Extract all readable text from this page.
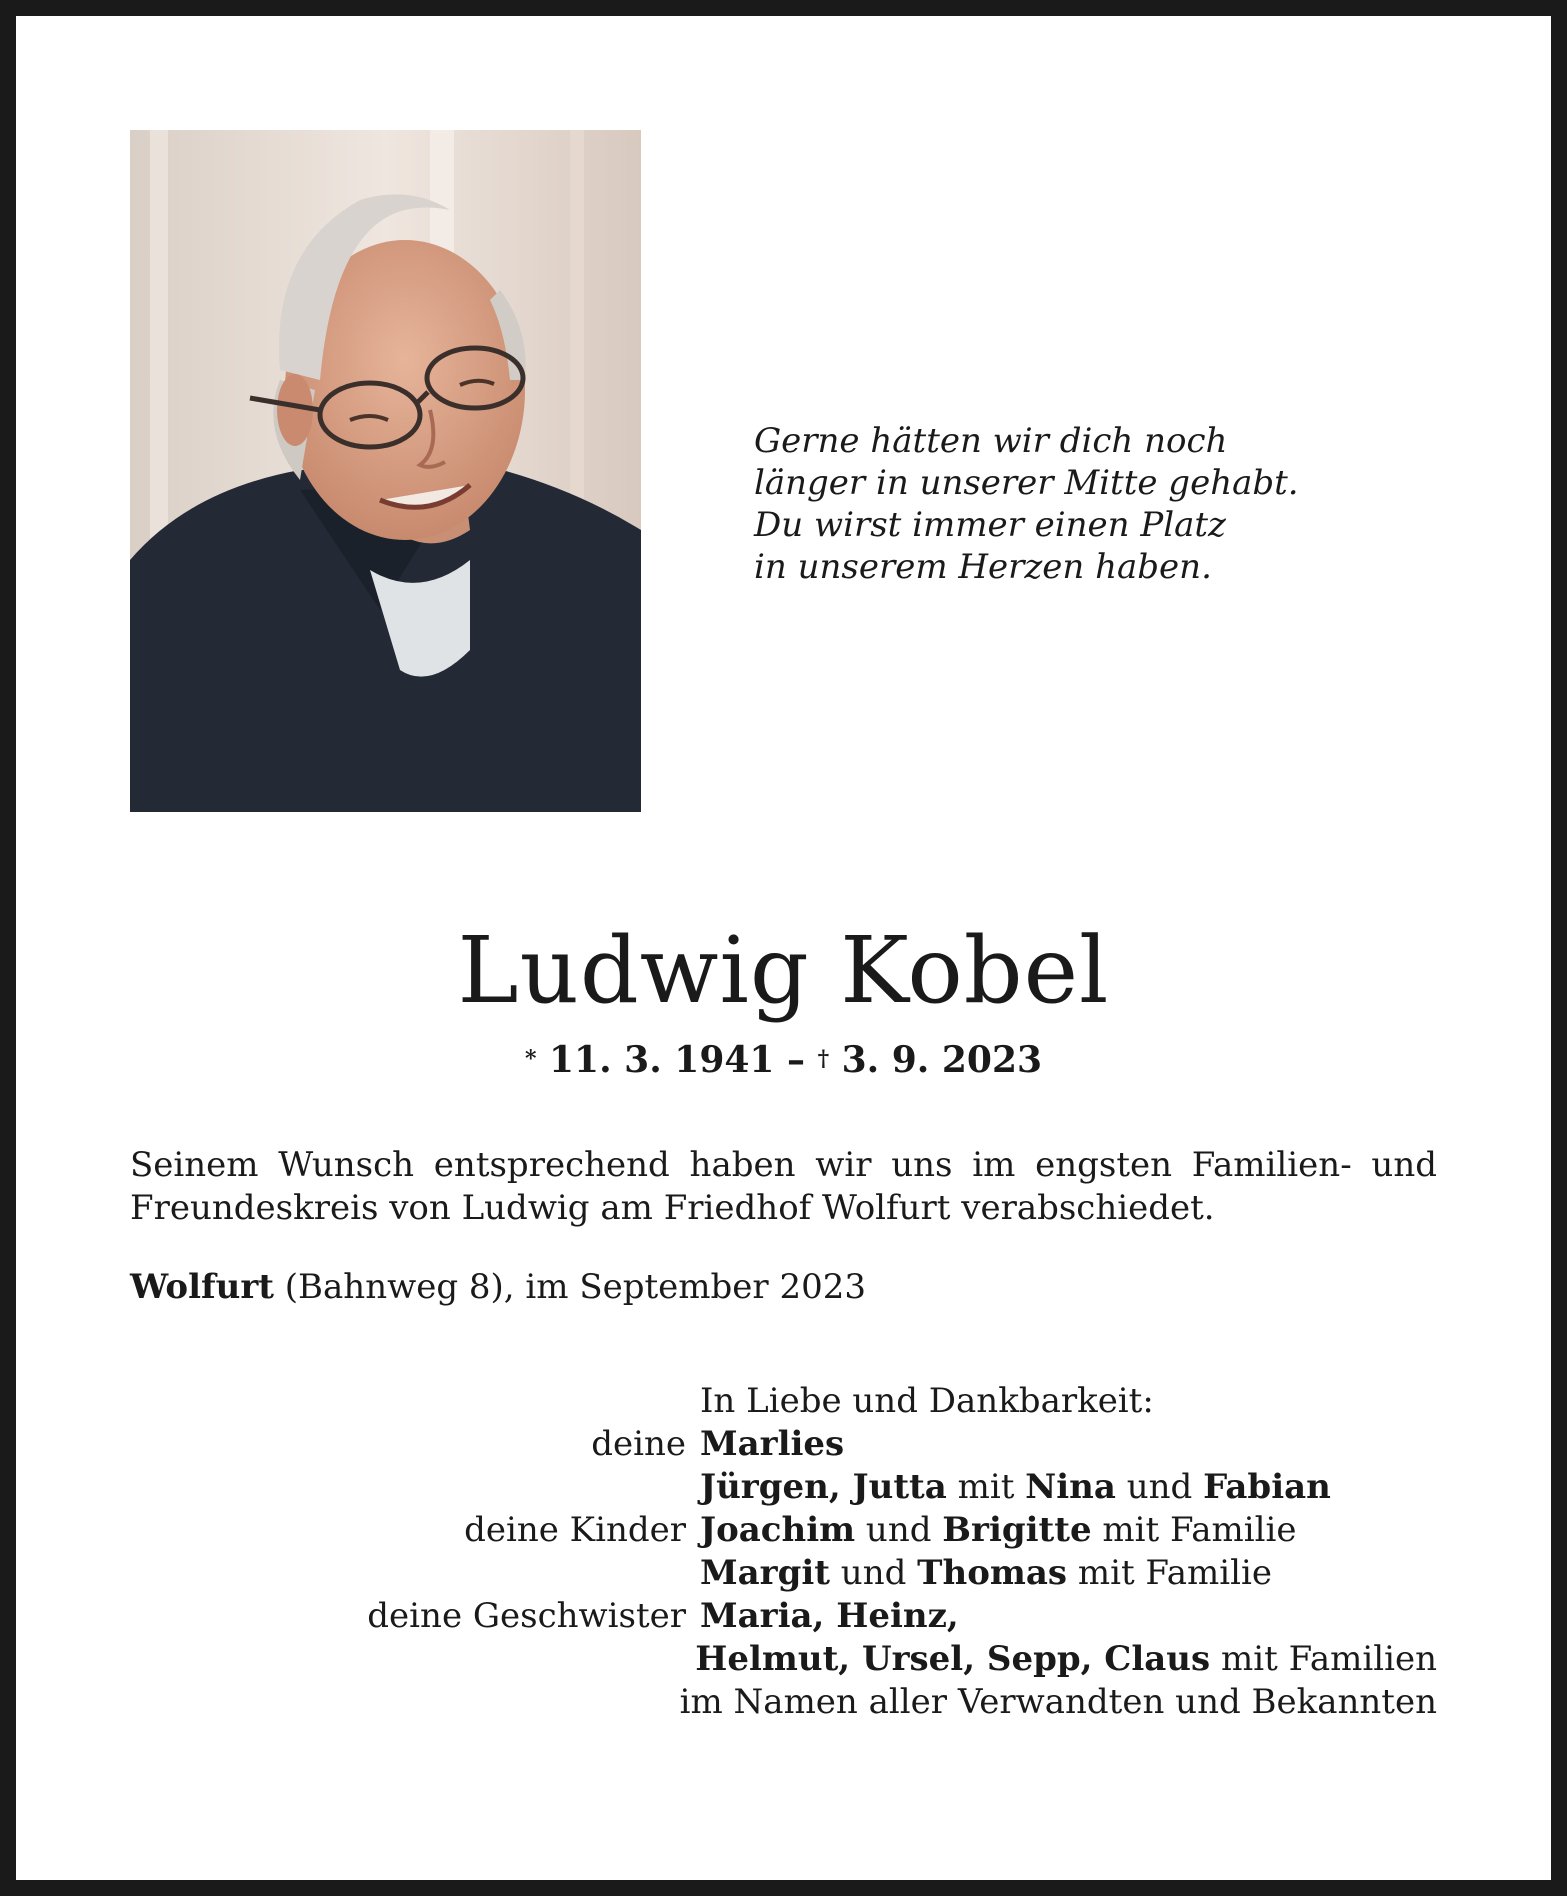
Gerne hätten wir dich noch
länger in unserer Mitte gehabt.
Du wirst immer einen Platz
in unserem Herzen haben.
Ludwig Kobel
* 11. 3. 1941 – † 3. 9. 2023
Seinem Wunsch entsprechend haben wir uns im engsten Familien- und
Freundeskreis von Ludwig am Friedhof Wolfurt verabschiedet.
Wolfurt (Bahnweg 8), im September 2023
In Liebe und Dankbarkeit:
deine Marlies
Jürgen, Jutta mit Nina und Fabian
deine Kinder Joachim und Brigitte mit Familie
Margit und Thomas mit Familie
deine Geschwister Maria, Heinz,
Helmut, Ursel, Sepp, Claus mit Familien
im Namen aller Verwandten und Bekannten
